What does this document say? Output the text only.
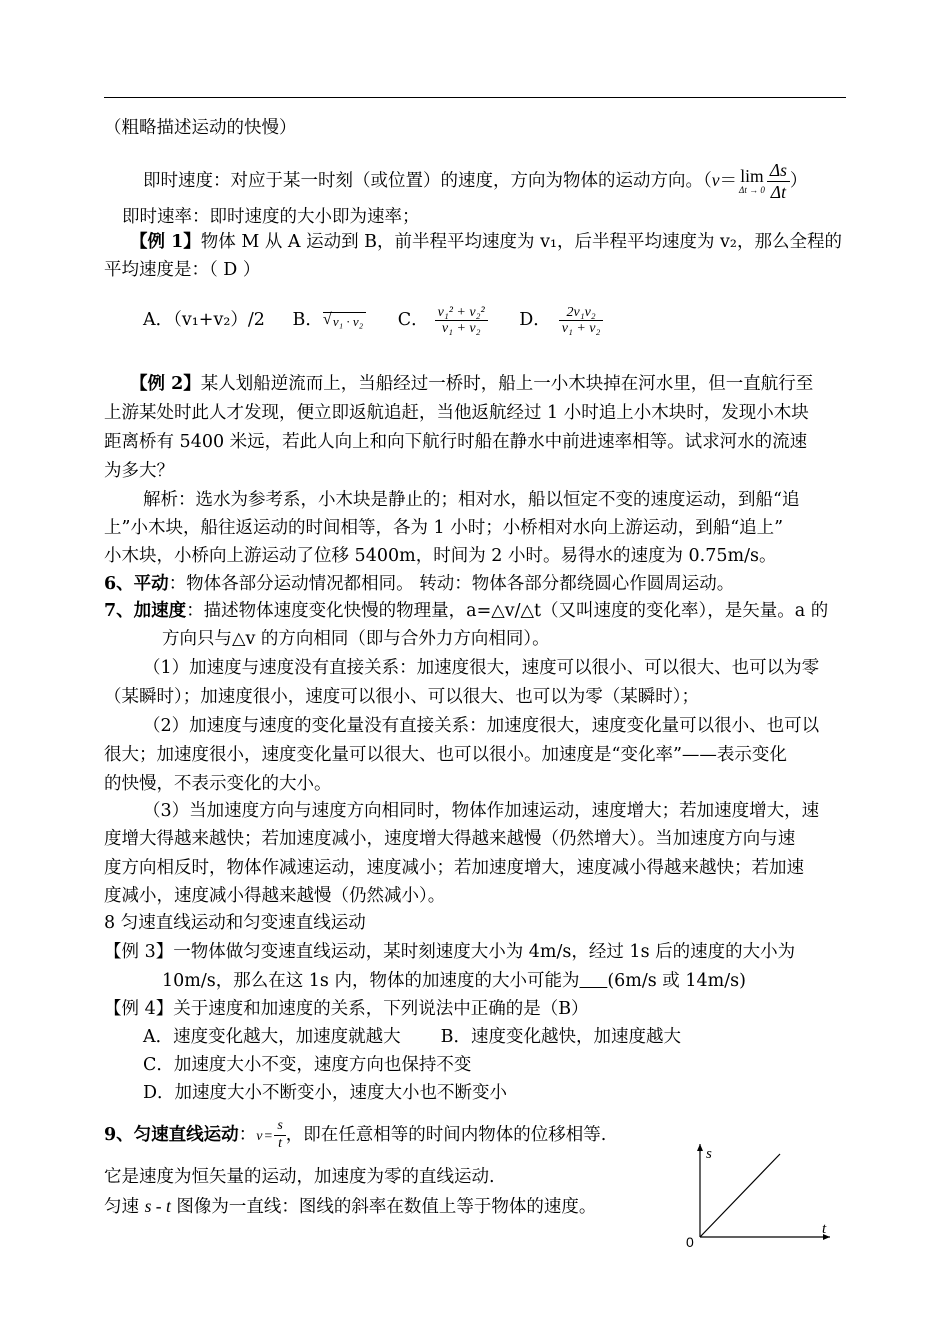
（粗略描述运动的快慢）
即时速度：对应于某一时刻（或位置）的速度，方向为物体的运动方向。（v＝ lim
$\Delta t \to 0 \frac{\Delta s}{\Delta t}$ ）
即时速率：即时速度的大小即为速率；
【例 1】物体 M 从 A 运动到 B，前半程平均速度为 v₁，后半程平均速度为 v₂，那么全程的
平均速度是：（ D ）
A．（v₁+v₂）/2 B． √ v₁ · v₂ C． $\frac{\text{v₁² + v₂²}}{\text{v₁ + v₂}}$ D． $\frac{\text{2v₁v₂}}{\text{v₁ + v₂}}$
【例 2】某人划船逆流而上，当船经过一桥时，船上一小木块掉在河水里，但一直航行至
上游某处时此人才发现，便立即返航追赶，当他返航经过 1 小时追上小木块时，发现小木块
距离桥有 5400 米远，若此人向上和向下航行时船在静水中前进速率相等。试求河水的流速
为多大？
解析：选水为参考系，小木块是静止的；相对水，船以恒定不变的速度运动，到船“追
上”小木块，船往返运动的时间相等，各为 1 小时；小桥相对水向上游运动，到船“追上”
小木块，小桥向上游运动了位移 5400m，时间为 2 小时。易得水的速度为 0.75m/s。
6、平动：物体各部分运动情况都相同。 转动：物体各部分都绕圆心作圆周运动。
7、加速度：描述物体速度变化快慢的物理量，a=△v/△t（又叫速度的变化率），是矢量。a 的
方向只与△v 的方向相同（即与合外力方向相同）。
（1）加速度与速度没有直接关系：加速度很大，速度可以很小、可以很大、也可以为零
（某瞬时）；加速度很小，速度可以很小、可以很大、也可以为零（某瞬时）；
（2）加速度与速度的变化量没有直接关系：加速度很大，速度变化量可以很小、也可以
很大；加速度很小，速度变化量可以很大、也可以很小。加速度是“变化率”——表示变化
的快慢，不表示变化的大小。
（3）当加速度方向与速度方向相同时，物体作加速运动，速度增大；若加速度增大，速
度增大得越来越快；若加速度减小，速度增大得越来越慢（仍然增大）。当加速度方向与速
度方向相反时，物体作减速运动，速度减小；若加速度增大，速度减小得越来越快；若加速
度减小，速度减小得越来越慢（仍然减小）。
8 匀速直线运动和匀变速直线运动
【例 3】一物体做匀变速直线运动，某时刻速度大小为 4m/s，经过 1s 后的速度的大小为
10m/s，那么在这 1s 内，物体的加速度的大小可能为 (6m/s 或 14m/s)
【例 4】关于速度和加速度的关系，下列说法中正确的是（B）
A．速度变化越大，加速度就越大 B．速度变化越快，加速度越大
C．加速度大小不变，速度方向也保持不变
D．加速度大小不断变小，速度大小也不断变小
9、匀速直线运动：$v = \frac{s}{t}$ ，即在任意相等的时间内物体的位移相等.
它是速度为恒矢量的运动，加速度为零的直线运动.
匀速 s - t 图像为一直线：图线的斜率在数值上等于物体的速度。
s
t
0
